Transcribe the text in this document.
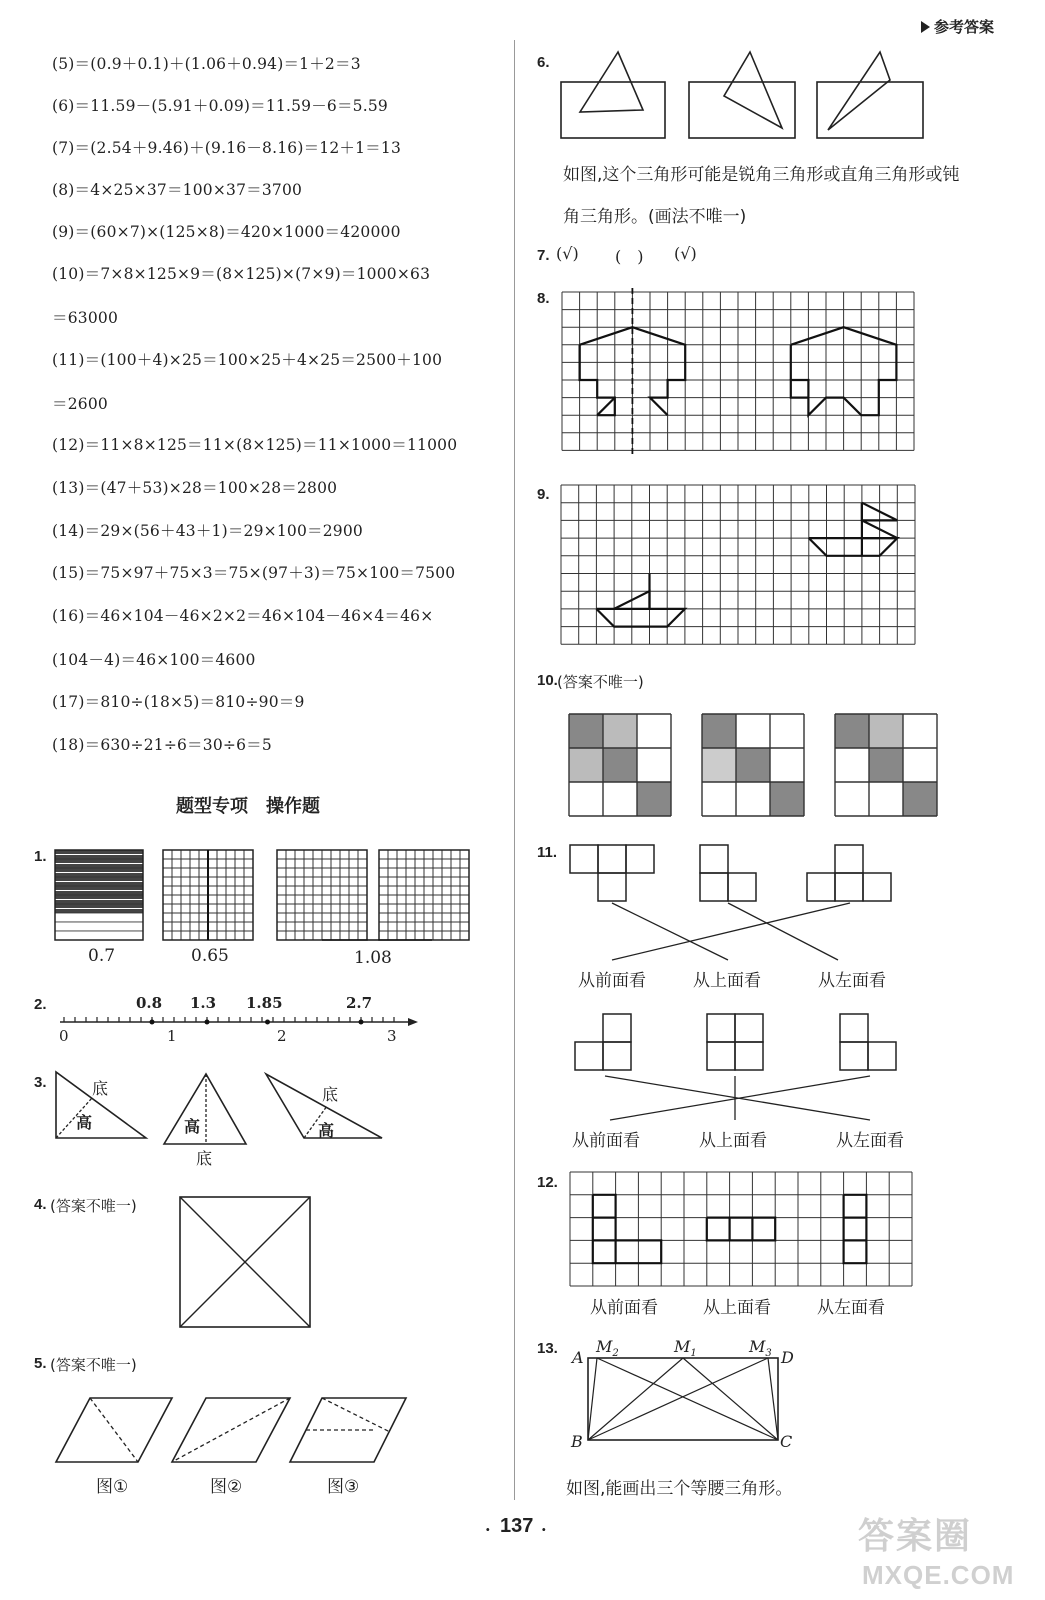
参考答案
(5)＝(0.9＋0.1)＋(1.06＋0.94)＝1＋2＝3
(6)＝11.59－(5.91＋0.09)＝11.59－6＝5.59
(7)＝(2.54＋9.46)＋(9.16－8.16)＝12＋1＝13
(8)＝4×25×37＝100×37＝3700
(9)＝(60×7)×(125×8)＝420×1000＝420000
(10)＝7×8×125×9＝(8×125)×(7×9)＝1000×63
＝63000
(11)＝(100＋4)×25＝100×25＋4×25＝2500＋100
＝2600
(12)＝11×8×125＝11×(8×125)＝11×1000＝11000
(13)＝(47＋53)×28＝100×28＝2800
(14)＝29×(56＋43＋1)＝29×100＝2900
(15)＝75×97＋75×3＝75×(97＋3)＝75×100＝7500
(16)＝46×104－46×2×2＝46×104－46×4＝46×
(104－4)＝46×100＝4600
(17)＝810÷(18×5)＝810÷90＝9
(18)＝630÷21÷6＝30÷6＝5
题型专项　操作题
1.
0.7	0.65	1.08
2.	0.8 1.3 1.85	2.7
0	1	2	3
3.	底
高	高
底
底
高
4. (答案不唯一)
5. (答案不唯一)
图①	图②	图③
6.
如图,这个三角形可能是锐角三角形或直角三角形或钝
角三角形。(画法不唯一)
7. (√) (　) (√)
8.
9.
10. (答案不唯一)
11.
从前面看	从上面看	从左面看
从前面看	从上面看	从左面看
12.
从前面看	从上面看	从左面看
13. A
B	C
D
$M_2$	$M_1$	$M_3$
如图,能画出三个等腰三角形。
· 137 ·	答案圈
MXQE.COM
